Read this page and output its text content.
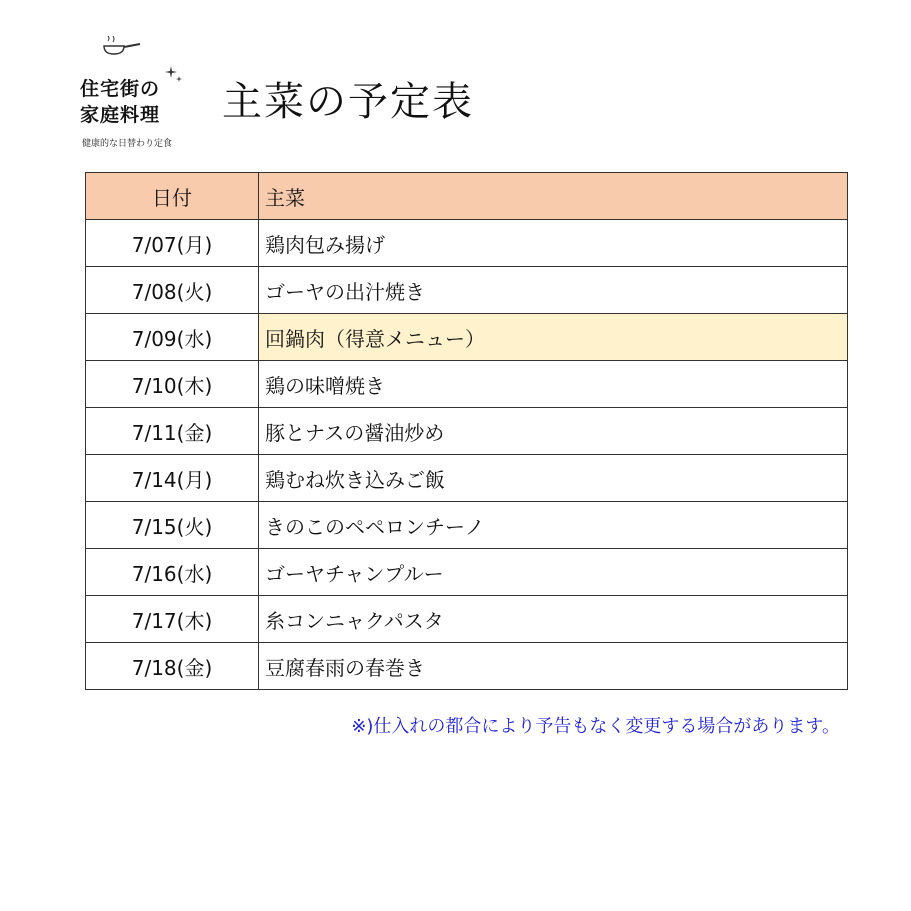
住宅街の
家庭料理
健康的な日替わり定食
主菜の予定表
日付	主菜
7/07(月)	鶏肉包み揚げ
7/08(火)	ゴーヤの出汁焼き
7/09(水)	回鍋肉（得意メニュー）
7/10(木)	鶏の味噌焼き
7/11(金)	豚とナスの醤油炒め
7/14(月)	鶏むね炊き込みご飯
7/15(火)	きのこのペペロンチーノ
7/16(水)	ゴーヤチャンプルー
7/17(木)	糸コンニャクパスタ
7/18(金)	豆腐春雨の春巻き
※)仕入れの都合により予告もなく変更する場合があります。
